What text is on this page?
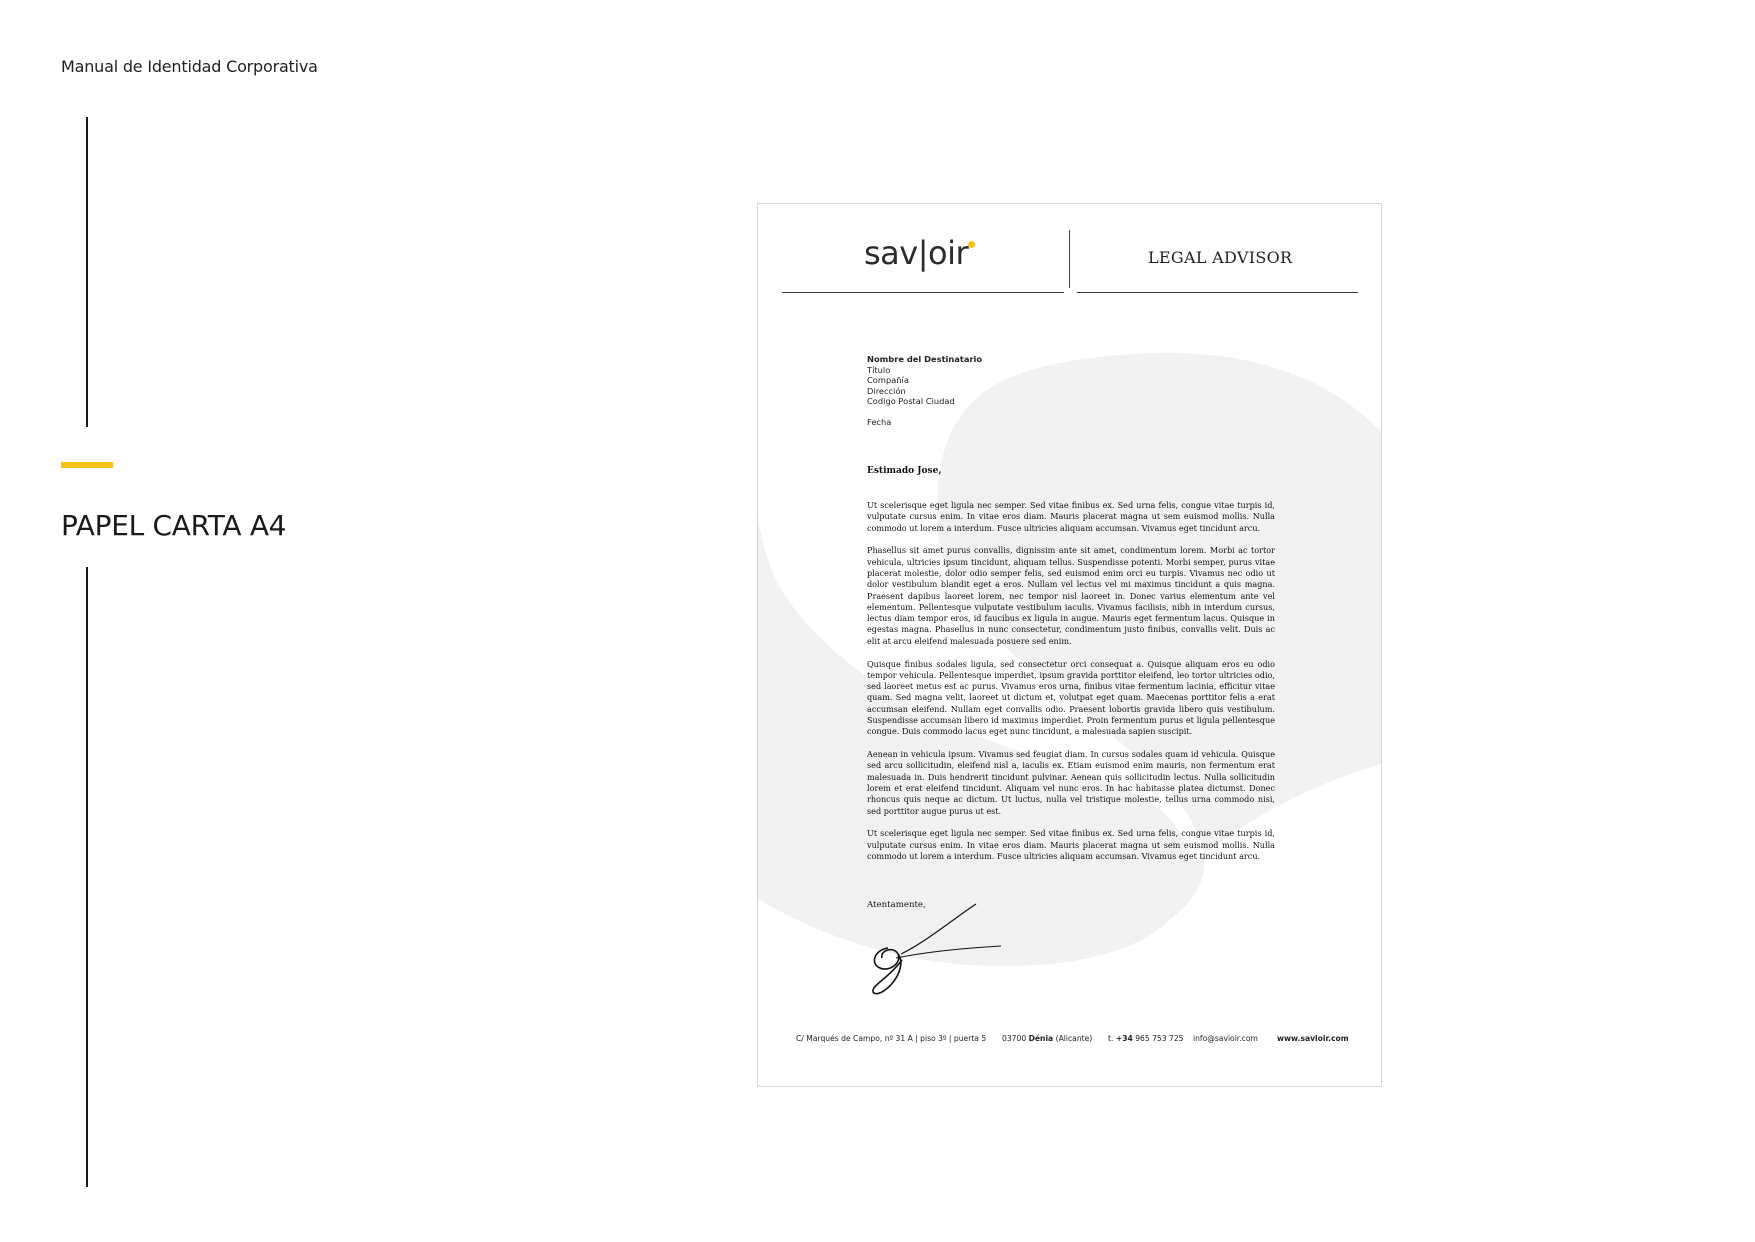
Manual de Identidad Corporativa
PAPEL CARTA A4
sav|oir	LEGAL ADVISOR
Nombre del Destinatario
Título
Compañía
Dirección
Codigo Postal Ciudad
Fecha
Estimado Jose,

Ut scelerisque eget ligula nec semper. Sed vitae finibus ex. Sed urna felis, congue vitae turpis id, vulputate cursus enim. In vitae eros diam. Mauris placerat magna ut sem euismod mollis. Nulla commodo ut lorem a interdum. Fusce ultricies aliquam accumsan. Vivamus eget tincidunt arcu.

Phasellus sit amet purus convallis, dignissim ante sit amet, condimentum lorem. Morbi ac tortor vehicula, ultricies ipsum tincidunt, aliquam tellus. Suspendisse potenti. Morbi semper, purus vitae placerat molestie, dolor odio semper felis, sed euismod enim orci eu turpis. Vivamus nec odio ut dolor vestibulum blandit eget a eros. Nullam vel lectus vel mi maximus tincidunt a quis magna. Praesent dapibus laoreet lorem, nec tempor nisl laoreet in. Donec varius elementum ante vel elementum. Pellentesque vulputate vestibulum iaculis. Vivamus facilisis, nibh in interdum cursus, lectus diam tempor eros, id faucibus ex ligula in augue. Mauris eget fermentum lacus. Quisque in egestas magna. Phasellus in nunc consectetur, condimentum justo finibus, convallis velit. Duis ac elit at arcu eleifend malesuada posuere sed enim.

Quisque finibus sodales ligula, sed consectetur orci consequat a. Quisque aliquam eros eu odio tempor vehicula. Pellentesque imperdiet, ipsum gravida porttitor eleifend, leo tortor ultricies odio, sed laoreet metus est ac purus. Vivamus eros urna, finibus vitae fermentum lacinia, efficitur vitae quam. Sed magna velit, laoreet ut dictum et, volutpat eget quam. Maecenas porttitor felis a erat accumsan eleifend. Nullam eget convallis odio. Praesent lobortis gravida libero quis vestibulum. Suspendisse accumsan libero id maximus imperdiet. Proin fermentum purus et ligula pellentesque congue. Duis commodo lacus eget nunc tincidunt, a malesuada sapien suscipit.

Aenean in vehicula ipsum. Vivamus sed feugiat diam. In cursus sodales quam id vehicula. Quisque sed arcu sollicitudin, eleifend nisl a, iaculis ex. Etiam euismod enim mauris, non fermentum erat malesuada in. Duis hendrerit tincidunt pulvinar. Aenean quis sollicitudin lectus. Nulla sollicitudin lorem et erat eleifend tincidunt. Aliquam vel nunc eros. In hac habitasse platea dictumst. Donec rhoncus quis neque ac dictum. Ut luctus, nulla vel tristique molestie, tellus urna commodo nisi, sed porttitor augue purus ut est.

Ut scelerisque eget ligula nec semper. Sed vitae finibus ex. Sed urna felis, congue vitae turpis id, vulputate cursus enim. In vitae eros diam. Mauris placerat magna ut sem euismod mollis. Nulla commodo ut lorem a interdum. Fusce ultricies aliquam accumsan. Vivamus eget tincidunt arcu.

Atentamente,
C/ Marqués de Campo, nº 31 A | piso 3º | puerta 5 03700 Dénia (Alicante) t. +34 965 753 725 info@savioir.com	www.savloir.com
